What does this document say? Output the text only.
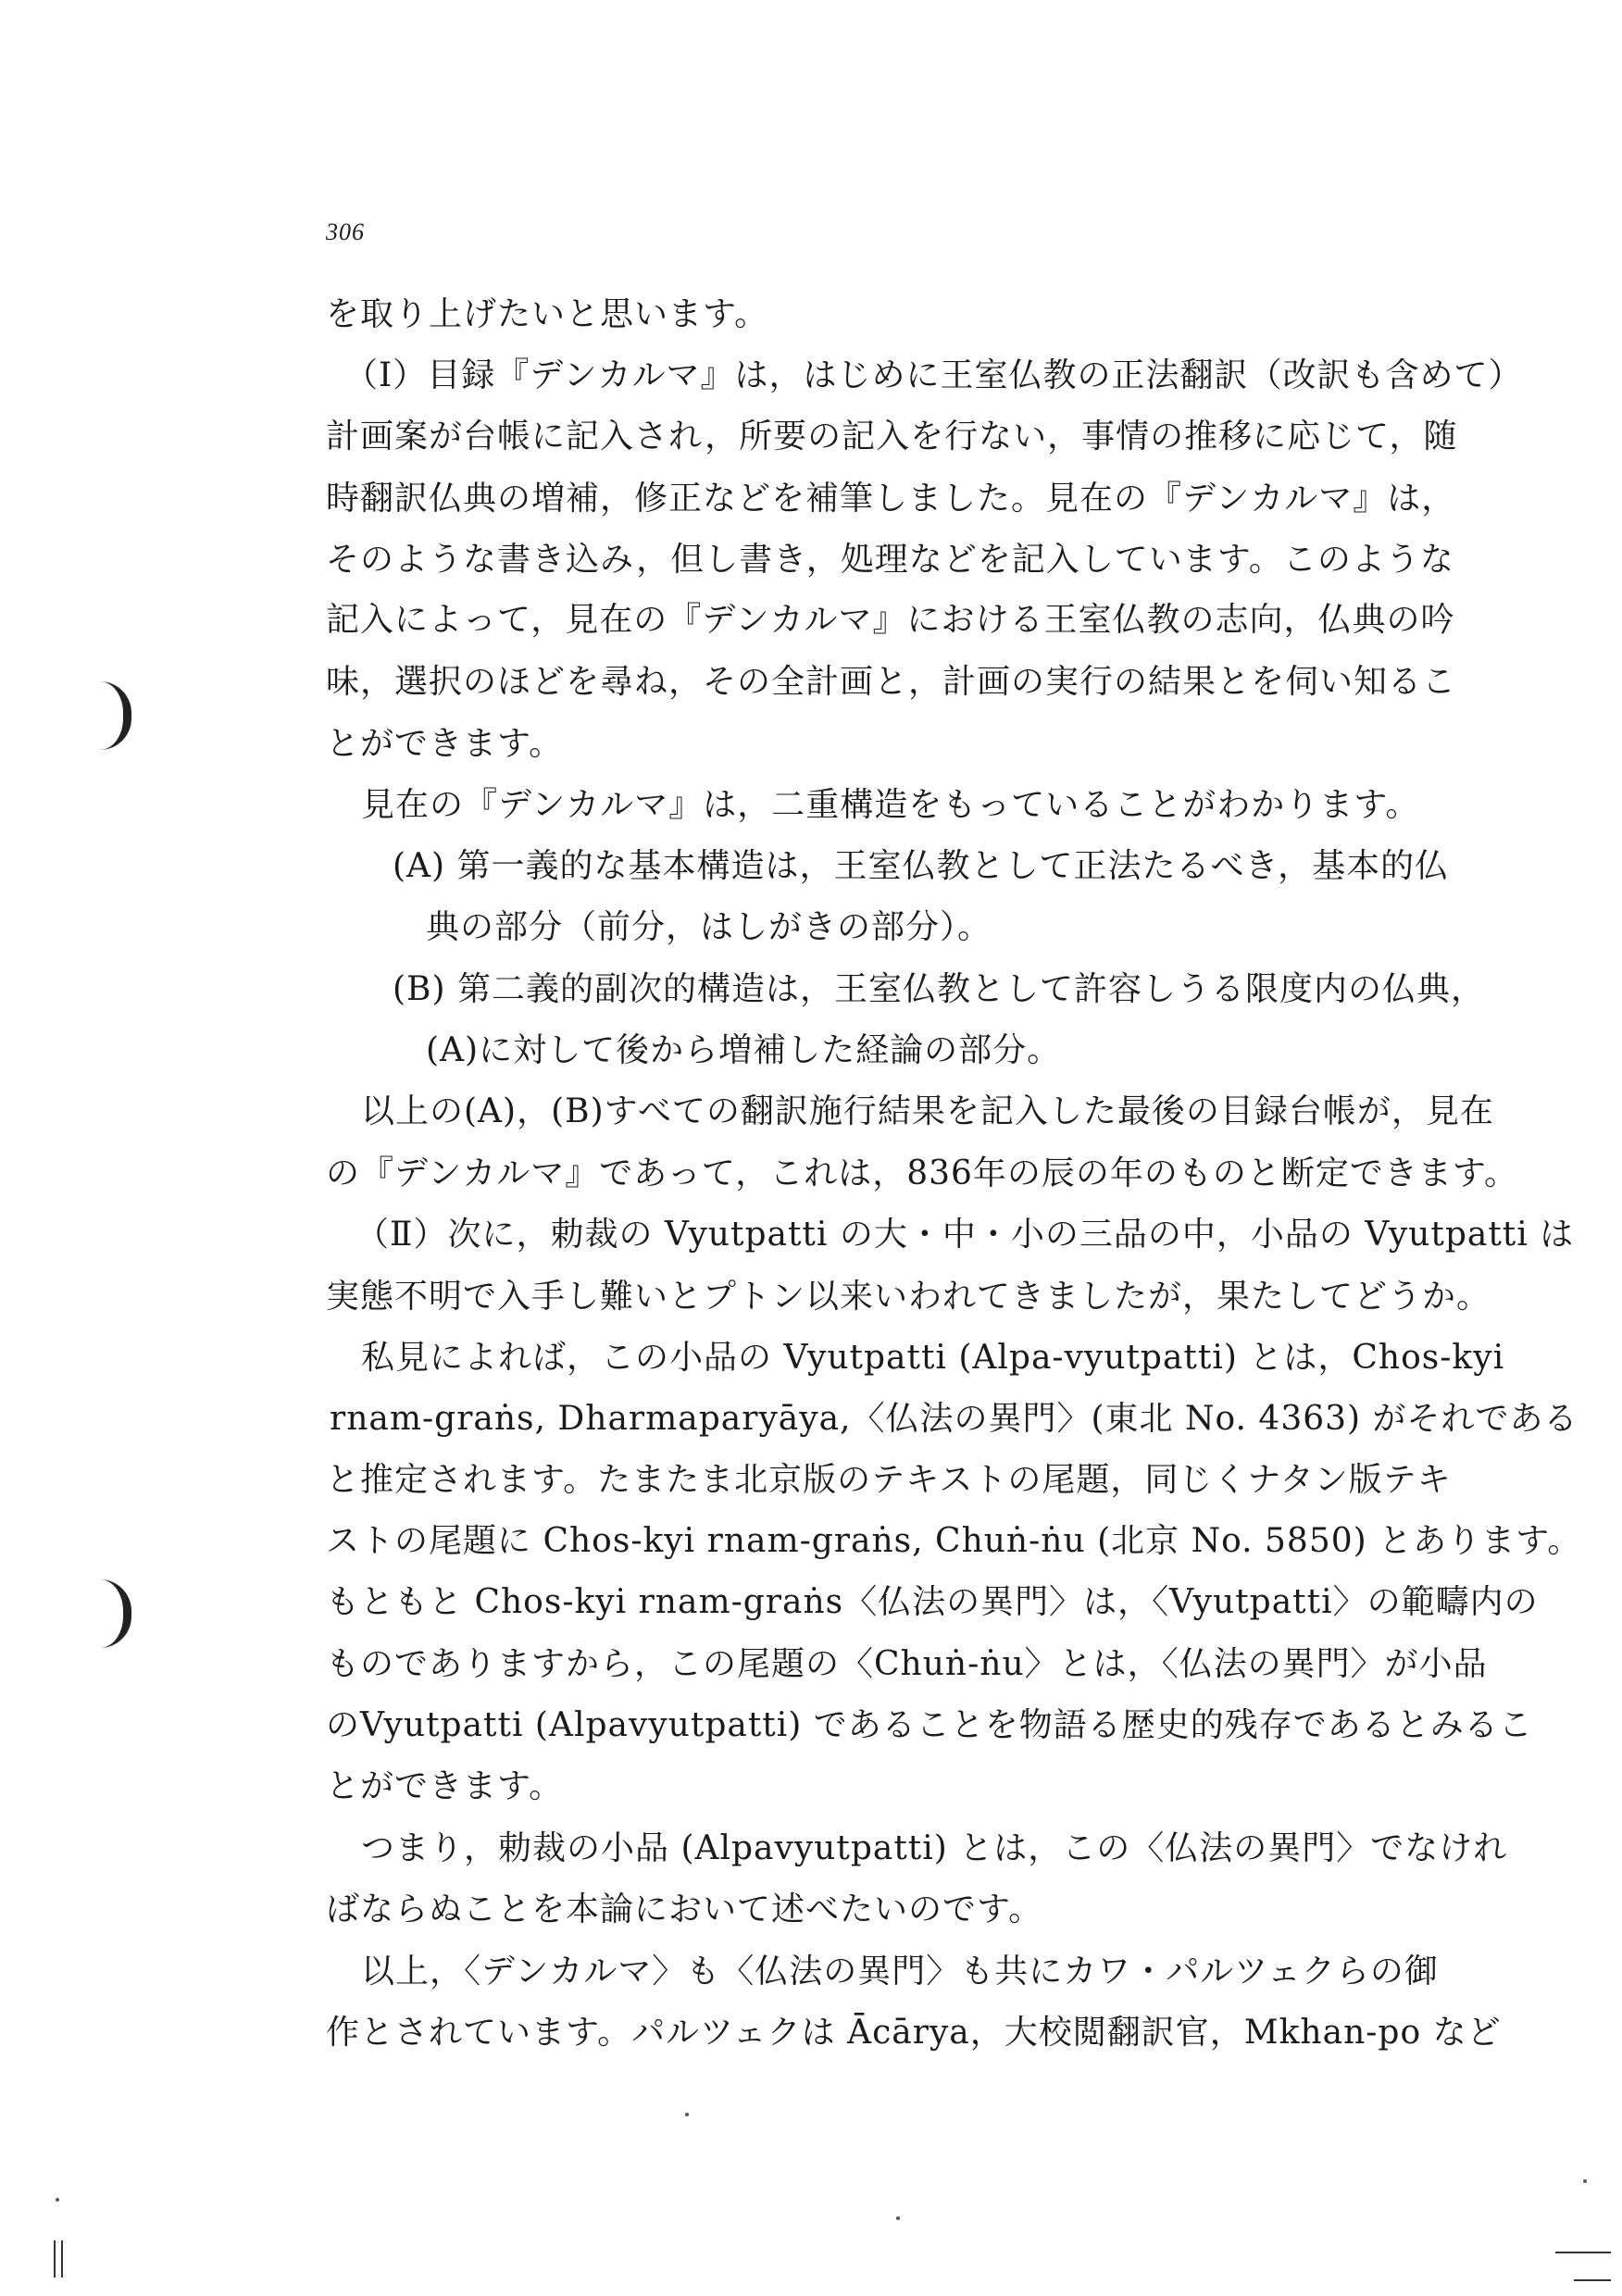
306
を取り上げたいと思います。
（Ⅰ）目録『デンカルマ』は，はじめに王室仏教の正法翻訳（改訳も含めて）
計画案が台帳に記入され，所要の記入を行ない，事情の推移に応じて，随
時翻訳仏典の増補，修正などを補筆しました。見在の『デンカルマ』は，
そのような書き込み，但し書き，処理などを記入しています。このような
記入によって，見在の『デンカルマ』における王室仏教の志向，仏典の吟
味，選択のほどを尋ね，その全計画と，計画の実行の結果とを伺い知るこ
とができます。
見在の『デンカルマ』は，二重構造をもっていることがわかります。
(A) 第一義的な基本構造は，王室仏教として正法たるべき，基本的仏
典の部分（前分，はしがきの部分）。
(B) 第二義的副次的構造は，王室仏教として許容しうる限度内の仏典，
(A)に対して後から増補した経論の部分。
以上の(A)，(B)すべての翻訳施行結果を記入した最後の目録台帳が，見在
の『デンカルマ』であって，これは，836年の辰の年のものと断定できます。
（Ⅱ）次に，勅裁の Vyutpatti の大・中・小の三品の中，小品の Vyutpatti は
実態不明で入手し難いとプトン以来いわれてきましたが，果たしてどうか。
私見によれば，この小品の Vyutpatti (Alpa-vyutpatti) とは，Chos-kyi
rnam-graṅs, Dharmaparyāya,〈仏法の異門〉(東北 No. 4363) がそれである
と推定されます。たまたま北京版のテキストの尾題，同じくナタン版テキ
ストの尾題に Chos-kyi rnam-graṅs, Chuṅ-ṅu (北京 No. 5850) とあります。
もともと Chos-kyi rnam-graṅs〈仏法の異門〉は，〈Vyutpatti〉の範疇内の
ものでありますから，この尾題の〈Chuṅ-ṅu〉とは，〈仏法の異門〉が小品
のVyutpatti (Alpavyutpatti) であることを物語る歴史的残存であるとみるこ
とができます。
つまり，勅裁の小品 (Alpavyutpatti) とは，この〈仏法の異門〉でなけれ
ばならぬことを本論において述べたいのです。
以上，〈デンカルマ〉も〈仏法の異門〉も共にカワ・パルツェクらの御
作とされています。パルツェクは Ācārya，大校閲翻訳官，Mkhan-po など
